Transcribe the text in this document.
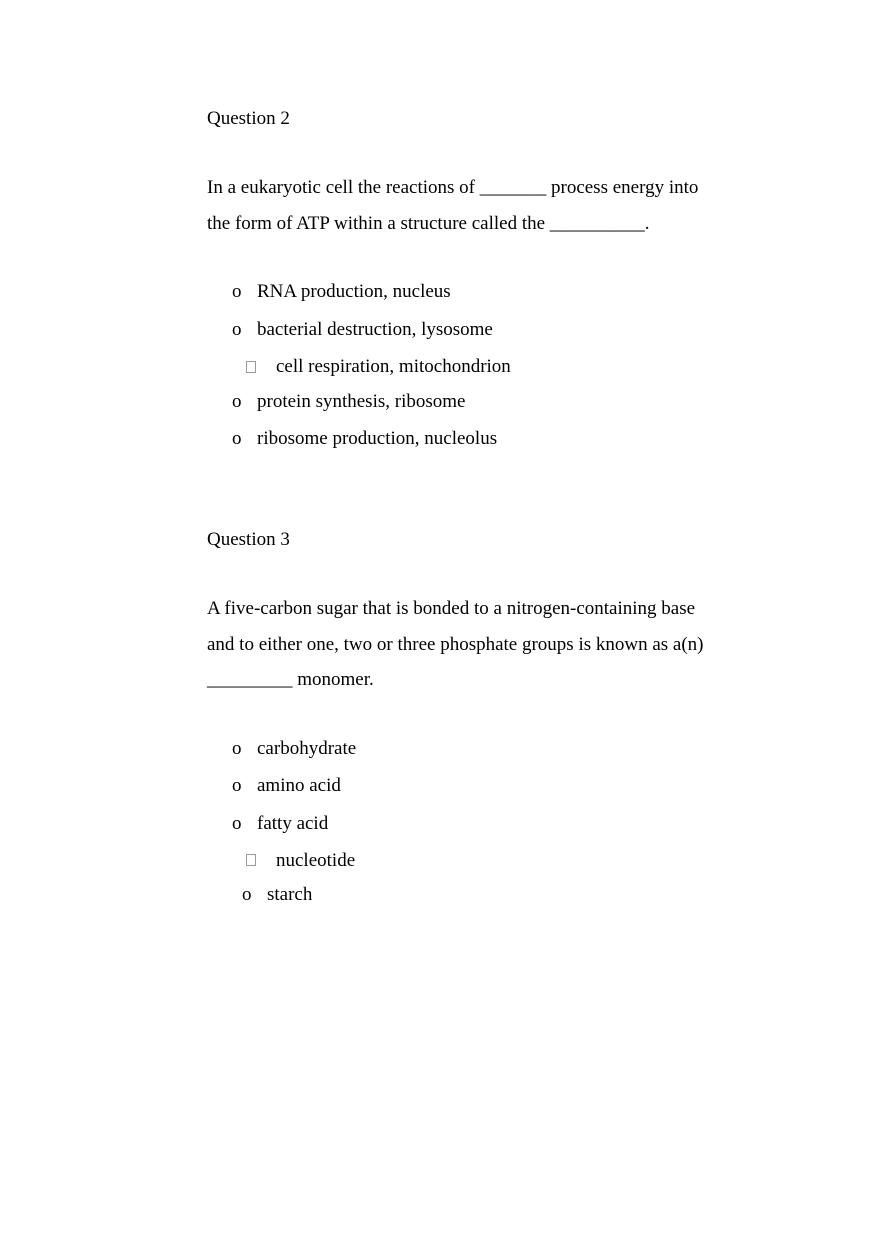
Question 2
In a eukaryotic cell the reactions of _______ process energy into
the form of ATP within a structure called the __________.
o RNA production, nucleus
o bacterial destruction, lysosome
cell respiration, mitochondrion
o protein synthesis, ribosome
o ribosome production, nucleolus
Question 3
A five-carbon sugar that is bonded to a nitrogen-containing base
and to either one, two or three phosphate groups is known as a(n)
_________ monomer.
o carbohydrate
o amino acid
o fatty acid
nucleotide
o starch
